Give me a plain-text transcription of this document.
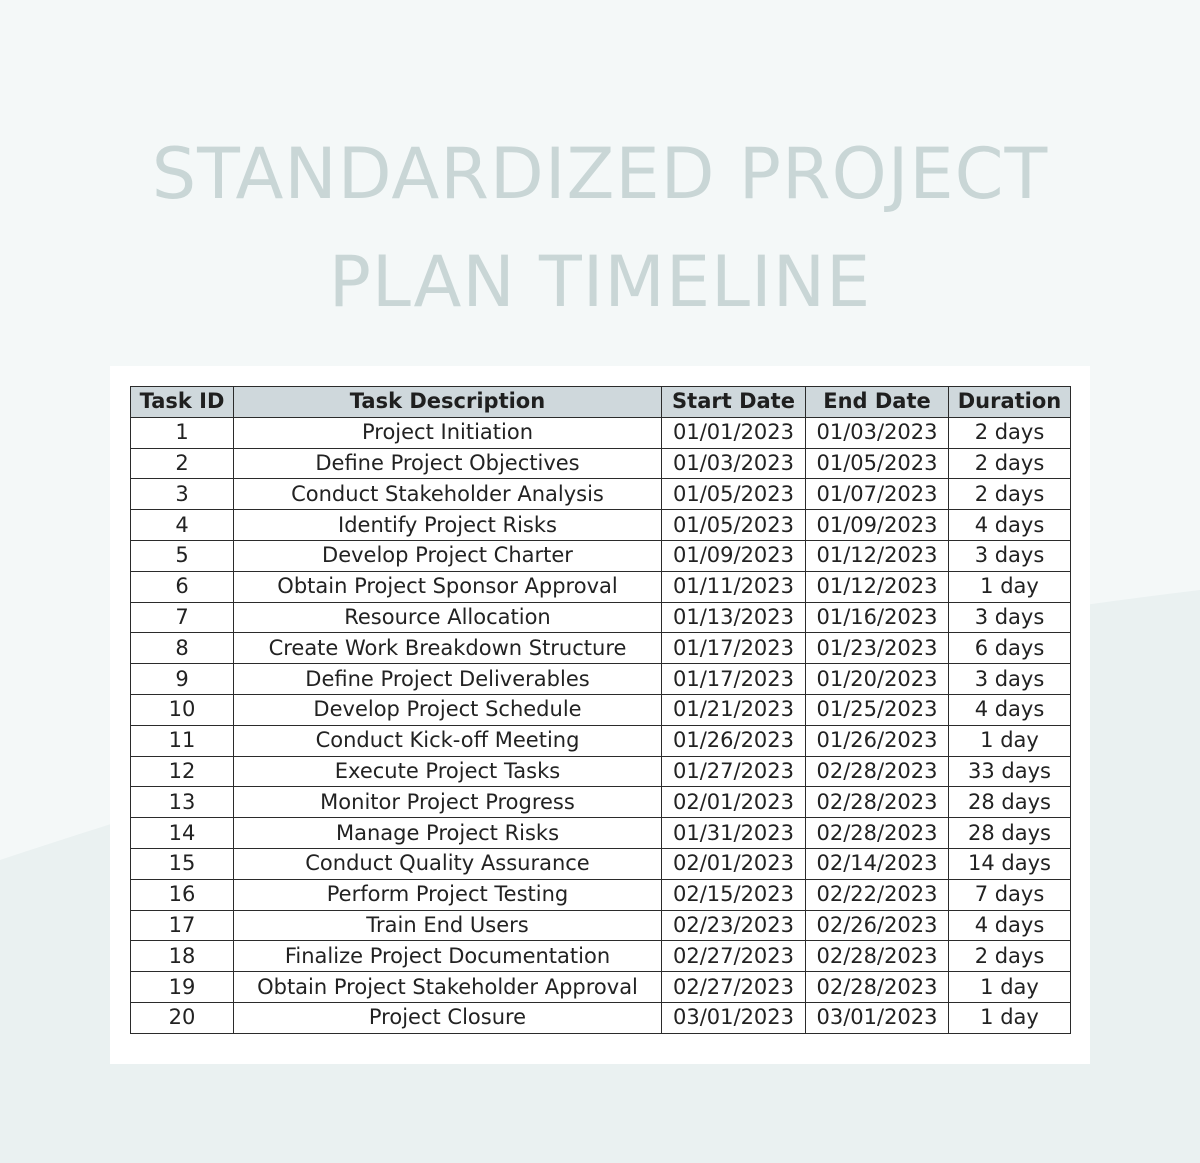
STANDARDIZED PROJECT
PLAN TIMELINE
Task ID	Task Description	Start Date	End Date	Duration
1	Project Initiation	01/01/2023	01/03/2023	2 days
2	Define Project Objectives	01/03/2023	01/05/2023	2 days
3	Conduct Stakeholder Analysis	01/05/2023	01/07/2023	2 days
4	Identify Project Risks	01/05/2023	01/09/2023	4 days
5	Develop Project Charter	01/09/2023	01/12/2023	3 days
6	Obtain Project Sponsor Approval	01/11/2023	01/12/2023	1 day
7	Resource Allocation	01/13/2023	01/16/2023	3 days
8	Create Work Breakdown Structure	01/17/2023	01/23/2023	6 days
9	Define Project Deliverables	01/17/2023	01/20/2023	3 days
10	Develop Project Schedule	01/21/2023	01/25/2023	4 days
11	Conduct Kick-off Meeting	01/26/2023	01/26/2023	1 day
12	Execute Project Tasks	01/27/2023	02/28/2023	33 days
13	Monitor Project Progress	02/01/2023	02/28/2023	28 days
14	Manage Project Risks	01/31/2023	02/28/2023	28 days
15	Conduct Quality Assurance	02/01/2023	02/14/2023	14 days
16	Perform Project Testing	02/15/2023	02/22/2023	7 days
17	Train End Users	02/23/2023	02/26/2023	4 days
18	Finalize Project Documentation	02/27/2023	02/28/2023	2 days
19	Obtain Project Stakeholder Approval	02/27/2023	02/28/2023	1 day
20	Project Closure	03/01/2023	03/01/2023	1 day
